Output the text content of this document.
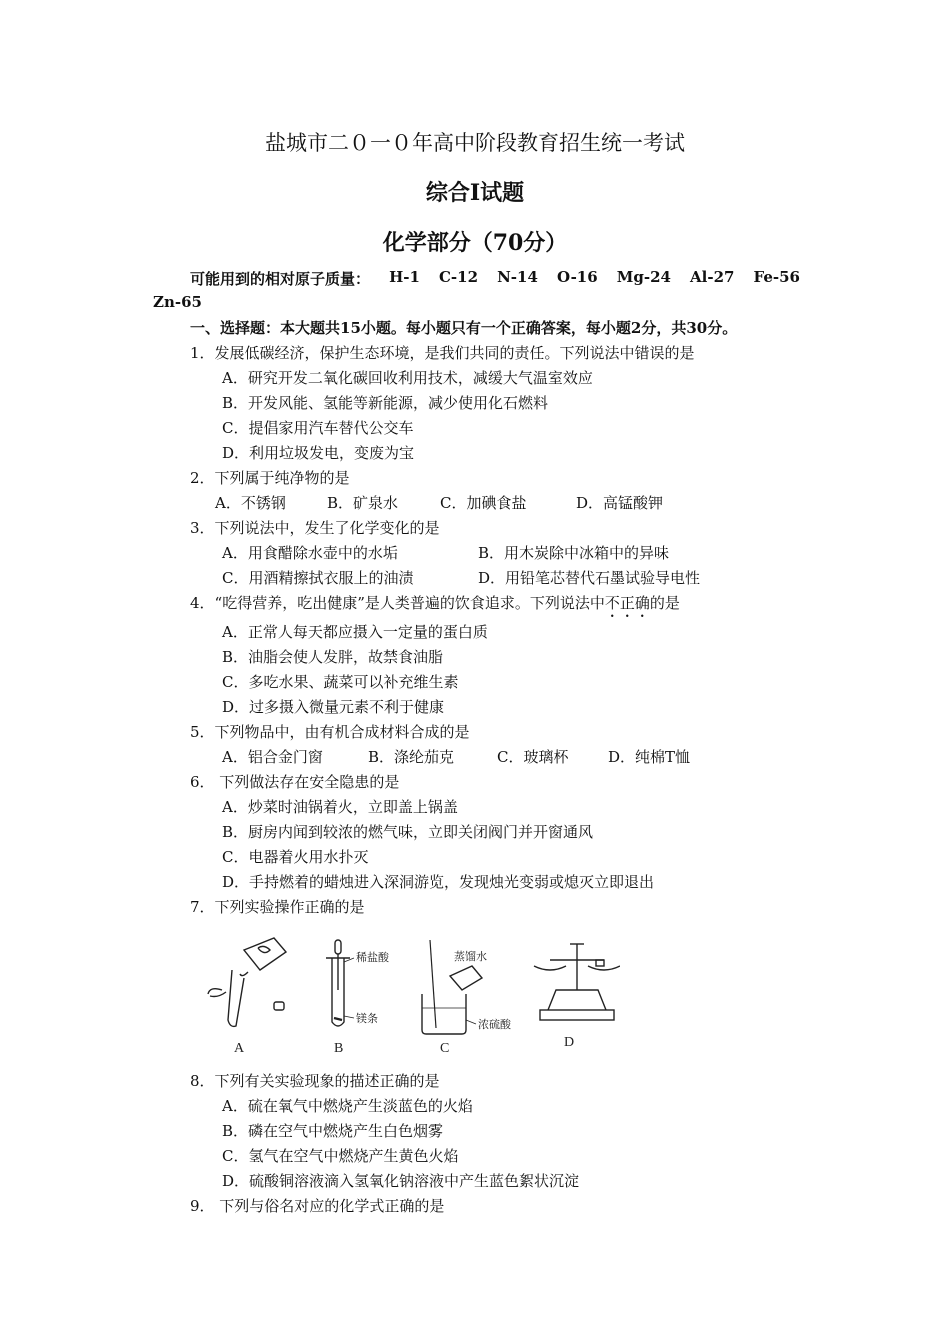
盐城市二０一０年高中阶段教育招生统一考试
综合Ⅰ试题
化学部分（70分）
可能用到的相对原子质量： H-1 C-12 N-14 O-16 Mg-24 Al-27 Fe-56
Zn-65
一、选择题：本大题共15小题。每小题只有一个正确答案，每小题2分，共30分。
1．发展低碳经济，保护生态环境，是我们共同的责任。下列说法中错误的是
A．研究开发二氧化碳回收利用技术，减缓大气温室效应
B．开发风能、氢能等新能源，减少使用化石燃料
C．提倡家用汽车替代公交车
D．利用垃圾发电，变废为宝
2．下列属于纯净物的是
A．不锈钢	B．矿泉水	C．加碘食盐	D．高锰酸钾
3．下列说法中，发生了化学变化的是
A．用食醋除水壶中的水垢	B．用木炭除中冰箱中的异味
C．用酒精擦拭衣服上的油渍	D．用铅笔芯替代石墨试验导电性
4．“吃得营养，吃出健康”是人类普遍的饮食追求。下列说法中不正确的是
A．正常人每天都应摄入一定量的蛋白质
B．油脂会使人发胖，故禁食油脂
C．多吃水果、蔬菜可以补充维生素
D．过多摄入微量元素不利于健康
5．下列物品中，由有机合成材料合成的是
A．铝合金门窗	B．涤纶茄克	C．玻璃杯	D．纯棉T恤
6． 下列做法存在安全隐患的是
A．炒菜时油锅着火，立即盖上锅盖
B．厨房内闻到较浓的燃气味，立即关闭阀门并开窗通风
C．电器着火用水扑灭
D．手持燃着的蜡烛进入深洞游览，发现烛光变弱或熄灭立即退出
7．下列实验操作正确的是
A
稀盐酸
镁条
B
蒸馏水
浓硫酸
C	D
8．下列有关实验现象的描述正确的是
A．硫在氧气中燃烧产生淡蓝色的火焰
B．磷在空气中燃烧产生白色烟雾
C．氢气在空气中燃烧产生黄色火焰
D．硫酸铜溶液滴入氢氧化钠溶液中产生蓝色絮状沉淀
9． 下列与俗名对应的化学式正确的是
